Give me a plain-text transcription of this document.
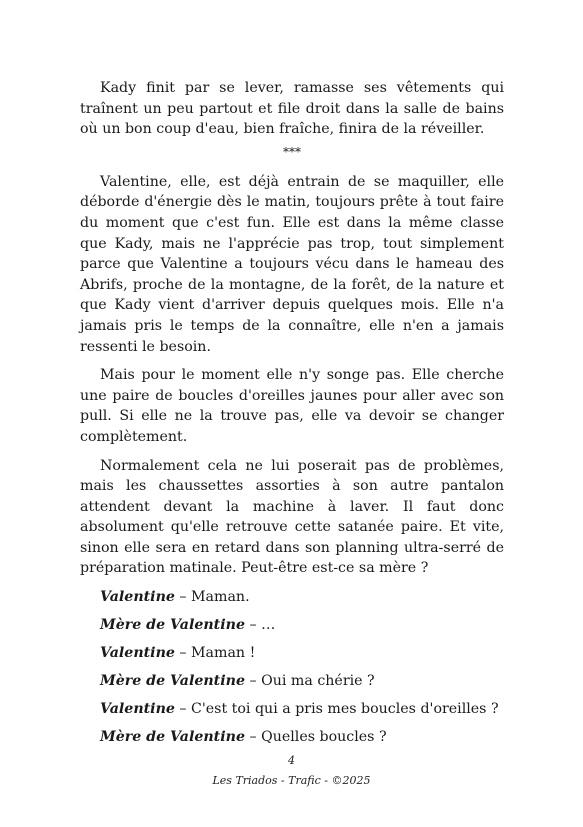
Kady finit par se lever, ramasse ses vêtements qui traînent un peu partout et file droit dans la salle de bains où un bon coup d'eau, bien fraîche, finira de la réveiller.

***

Valentine, elle, est déjà entrain de se maquiller, elle déborde d'énergie dès le matin, toujours prête à tout faire du moment que c'est fun. Elle est dans la même classe que Kady, mais ne l'apprécie pas trop, tout simplement parce que Valentine a toujours vécu dans le hameau des Abrifs, proche de la montagne, de la forêt, de la nature et que Kady vient d'arriver depuis quelques mois. Elle n'a jamais pris le temps de la connaître, elle n'en a jamais ressenti le besoin.

Mais pour le moment elle n'y songe pas. Elle cherche une paire de boucles d'oreilles jaunes pour aller avec son pull. Si elle ne la trouve pas, elle va devoir se changer complètement.

Normalement cela ne lui poserait pas de problèmes, mais les chaussettes assorties à son autre pantalon attendent devant la machine à laver. Il faut donc absolument qu'elle retrouve cette satanée paire. Et vite, sinon elle sera en retard dans son planning ultra-serré de préparation matinale. Peut-être est-ce sa mère ?

Valentine – Maman.
Mère de Valentine – …
Valentine – Maman !
Mère de Valentine – Oui ma chérie ?
Valentine – C'est toi qui a pris mes boucles d'oreilles ?
Mère de Valentine – Quelles boucles ?
4
Les Triados - Trafic - ©2025
